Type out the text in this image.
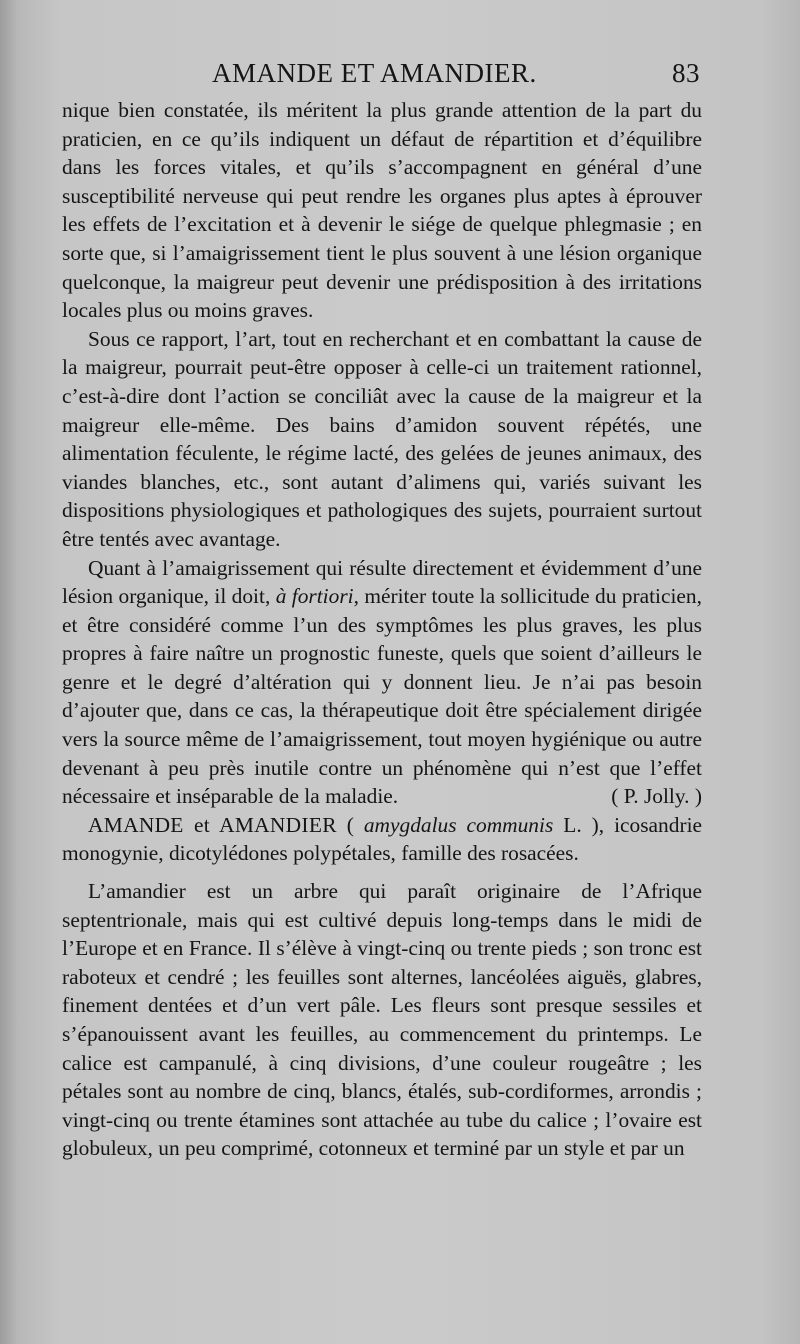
AMANDE ET AMANDIER.	83

nique bien constatée, ils méritent la plus grande attention de la part du praticien, en ce qu’ils indiquent un défaut de répartition et d’équilibre dans les forces vitales, et qu’ils s’accompagnent en général d’une susceptibilité nerveuse qui peut rendre les organes plus aptes à éprouver les effets de l’excitation et à devenir le siége de quelque phlegmasie ; en sorte que, si l’amaigrissement tient le plus souvent à une lésion organique quelconque, la maigreur peut devenir une prédisposition à des irritations locales plus ou moins graves.

Sous ce rapport, l’art, tout en recherchant et en combattant la cause de la maigreur, pourrait peut-être opposer à celle-ci un traitement rationnel, c’est-à-dire dont l’action se conciliât avec la cause de la maigreur et la maigreur elle-même. Des bains d’amidon souvent répétés, une alimentation féculente, le régime lacté, des gelées de jeunes animaux, des viandes blanches, etc., sont autant d’alimens qui, variés suivant les dispositions physiologiques et pathologiques des sujets, pourraient surtout être tentés avec avantage.

Quant à l’amaigrissement qui résulte directement et évidemment d’une lésion organique, il doit, à fortiori, mériter toute la sollicitude du praticien, et être considéré comme l’un des symptômes les plus graves, les plus propres à faire naître un prognostic funeste, quels que soient d’ailleurs le genre et le degré d’altération qui y donnent lieu. Je n’ai pas besoin d’ajouter que, dans ce cas, la thérapeutique doit être spécialement dirigée vers la source même de l’amaigrissement, tout moyen hygiénique ou autre devenant à peu près inutile contre un phénomène qui n’est que l’effet nécessaire et inséparable de la maladie.	( P. Jolly. )

AMANDE et AMANDIER ( amygdalus communis L. ), icosandrie monogynie, dicotylédones polypétales, famille des rosacées.

L’amandier est un arbre qui paraît originaire de l’Afrique septentrionale, mais qui est cultivé depuis long-temps dans le midi de l’Europe et en France. Il s’élève à vingt-cinq ou trente pieds ; son tronc est raboteux et cendré ; les feuilles sont alternes, lancéolées aiguës, glabres, finement dentées et d’un vert pâle. Les fleurs sont presque sessiles et s’épanouissent avant les feuilles, au commencement du printemps. Le calice est campanulé, à cinq divisions, d’une couleur rougeâtre ; les pétales sont au nombre de cinq, blancs, étalés, sub-cordiformes, arrondis ; vingt-cinq ou trente étamines sont attachée au tube du calice ; l’ovaire est globuleux, un peu comprimé, cotonneux et terminé par un style et par un
